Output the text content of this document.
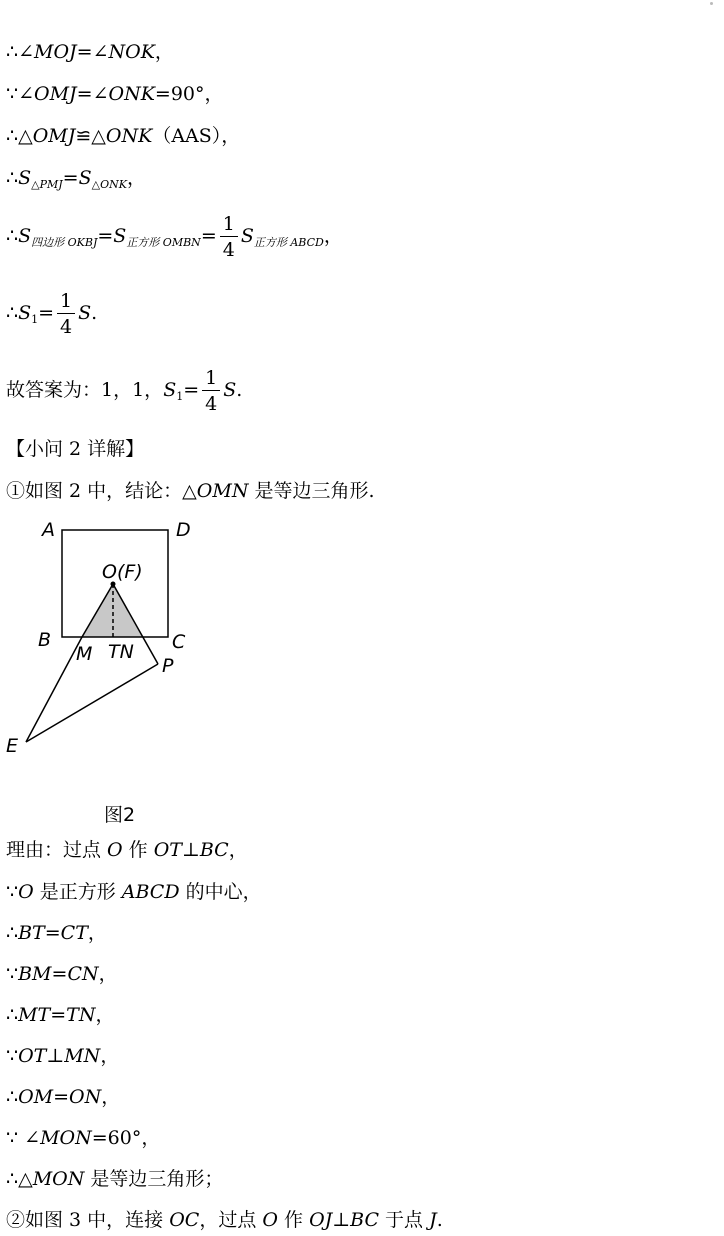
∴∠MOJ=∠NOK，
∵∠OMJ=∠ONK=90°，
∴△OMJ≌△ONK（AAS），
$\therefore S_{\triangle PMJ}=S_{\triangle ONK}$，
$\therefore S_{四边形 OKBJ}=S_{正方形 OMBN}= \frac{1}{4} S_{正方形 ABCD}$，
$\therefore S_1= \frac{1}{4} S$.
故答案为：1，1，$S_1= \frac{1}{4} S$.
【小问 2 详解】
①如图 2 中，结论：△OMN 是等边三角形.
A	D
O(F)
B	C
M TN
P
E
图2
理由：过点 O 作 OT⊥BC，
∵O 是正方形 ABCD 的中心，
∴BT=CT，
∵BM=CN，
∴MT=TN，
∵OT⊥MN，
∴OM=ON，
∵ ∠MON=60°，
∴△MON 是等边三角形；
②如图 3 中，连接 OC，过点 O 作 OJ⊥BC 于点 J.
